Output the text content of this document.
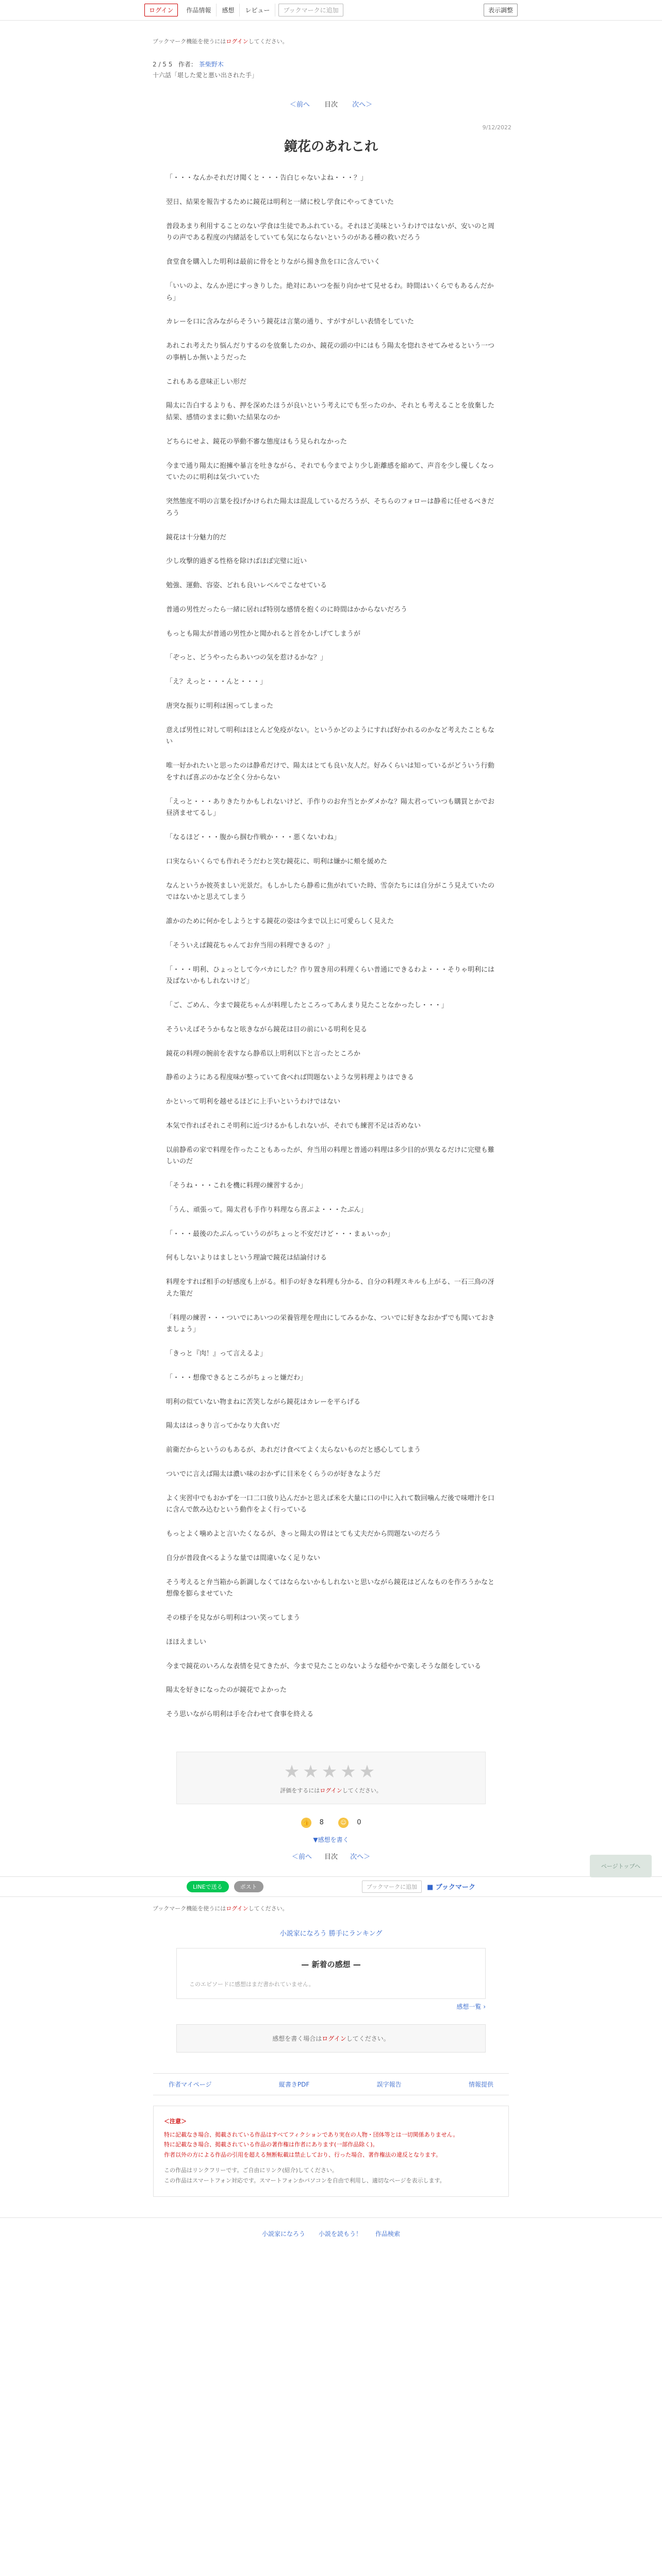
ログイン	作品情報	感想	レビュー	ブックマークに追加	表示調整
ブックマーク機能を使うにはログインしてください。
2 / 5 5 作者： 茶柴野木
十六話「堪した愛と悪い出された手」
＜前へ 目次 次へ＞
9/12/2022
鏡花のあれこれ

「・・・なんかそれだけ聞くと・・・告白じゃないよね・・・？」

翌日、結果を報告するために鏡花は明利と一緒に校し学食にやってきていた

普段あまり利用することのない学食は生徒であふれている。それほど美味というわけではないが、安いのと周りの声である程度の内緒話をしていても気にならないというのがある種の救いだろう

食堂食を購入した明利は最前に骨をとりながら揚き魚を口に含んでいく

「いいのよ、なんか逆にすっきりした。絶対にあいつを振り向かせて見せるわ。時間はいくらでもあるんだから」

カレーを口に含みながらそういう鏡花は言葉の通り、すがすがしい表情をしていた

あれこれ考えたり悩んだりするのを放棄したのか、鏡花の頭の中にはもう陽太を惚れさせてみせるという一つの事柄しか無いようだった

これもある意味正しい形だ

陽太に告白するよりも、押を深めたほうが良いという考えにでも至ったのか、それとも考えることを放棄した結果、感情のままに動いた結果なのか

どちらにせよ、鏡花の挙動不審な態度はもう見られなかった

今まで通り陽太に抱擁や暴言を吐きながら、それでも今までより少し距離感を縮めて、声音を少し優しくなっていたのに明利は気づいていた

突然態度不明の言葉を投げかけられた陽太は混乱しているだろうが、そちらのフォローは静希に任せるべきだろう

鏡花は十分魅力的だ

少し攻撃的過ぎる性格を除けばほぼ完璧に近い

勉強、運動、容姿、どれも良いレベルでこなせている

普通の男性だったら一緒に居れば特別な感情を抱くのに時間はかからないだろう

もっとも陽太が普通の男性かと聞かれると首をかしげてしまうが

「ぞっと、どうやったらあいつの気を惹けるかな？」

「え？えっと・・・んと・・・」

唐突な振りに明利は困ってしまった

意えば男性に対して明利はほとんど免疫がない。というかどのようにすれば好かれるのかなど考えたこともない

唯一好かれたいと思ったのは静希だけで、陽太はとても良い友人だ。好みくらいは知っているがどういう行動をすれば喜ぶのかなど全く分からない

「えっと・・・ありきたりかもしれないけど、手作りのお弁当とかダメかな？陽太君っていつも購買とかでお昼済ませてるし」

「なるほど・・・腹から掴む作戦か・・・悪くないわね」

口実ならいくらでも作れそうだわと笑む鏡花に、明利は嫌かに頬を緩めた

なんというか彼英ましい光景だ。もしかしたら静希に焦がれていた時、雪奈たちには自分がこう見えていたのではないかと思えてしまう

誰かのために何かをしようとする鏡花の姿は今まで以上に可愛らしく見えた

「そういえば鏡花ちゃんてお弁当用の料理できるの？」

「・・・明利、ひょっとして今バカにした？作り置き用の料理くらい普通にできるわよ・・・そりゃ明利には及ばないかもしれないけど」

「ご、ごめん、今まで鏡花ちゃんが料理したところってあんまり見たことなかったし・・・」

そういえばそうかもなと呟きながら鏡花は目の前にいる明利を見る

鏡花の料理の腕前を表すなら静希以上明利以下と言ったところか

静希のようにある程度味が整っていて食べれば問題ないような男料理よりはできる

かといって明利を越せるほどに上手いというわけではない

本気で作ればそれこそ明利に近づけるかもしれないが、それでも練習不足は否めない

以前静希の家で料理を作ったこともあったが、弁当用の料理と普通の料理は多少目的が異なるだけに完璧も難しいのだ

「そうね・・・これを機に料理の練習するか」

「うん、頑張って。陽太君も手作り料理なら喜ぶよ・・・たぶん」

「・・・最後のたぶんっていうのがちょっと不安だけど・・・まぁいっか」

何もしないよりはましという理論で鏡花は結論付ける

料理をすれば相手の好感度も上がる。相手の好きな料理も分かる、自分の料理スキルも上がる、一石三鳥の冴えた策だ

「料理の練習・・・ついでにあいつの栄養管理を理由にしてみるかな、ついでに好きなおかずでも聞いておきましょう」

「きっと『肉！』って言えるよ」

「・・・想像できるところがちょっと嫌だわ」

明利の似ていない物まねに苦笑しながら鏡花はカレーを平らげる

陽太ははっきり言ってかなり大食いだ

前衛だからというのもあるが、あれだけ食べてよく太らないものだと感心してしまう

ついでに言えば陽太は濃い味のおかずに目米をくらうのが好きなようだ

よく実習中でもおかずを一口二口放り込んだかと思えば米を大量に口の中に入れて数回噛んだ後で味噌汁を口に含んで飲み込むという動作をよく行っている

もっとよく噛めよと言いたくなるが、きっと陽太の胃はとても丈夫だから問題ないのだろう

自分が普段食べるような量では間違いなく足りない

そう考えると弁当箱から新調しなくてはならないかもしれないと思いながら鏡花はどんなものを作ろうかなと想像を膨らませていた

その様子を見ながら明利はつい笑ってしまう

ほほえましい

今まで鏡花のいろんな表情を見てきたが、今まで見たことのないような穏やかで楽しそうな顔をしている

陽太を好きになったのが鏡花でよかった

そう思いながら明利は手を合わせて食事を終える

★★★★★
評価をするにはログインしてください。
👍 8	☺ 0
▼感想を書く
＜前へ 目次 次へ＞
LINEで送る	ポスト	ブックマークに追加	■ ブックマーク
ブックマーク機能を使うにはログインしてください。
小説家になろう 勝手にランキング
— 新着の感想 —
このエピソードに感想はまだ書かれていません。
感想一覧 ›
感想を書く場合はログインしてください。
作者マイページ	縦書きPDF	誤字報告	情報提供
＜注意＞
特に記載なき場合、掲載されている作品はすべてフィクションであり実在の人物・団体等とは一切関係ありません。
特に記載なき場合、掲載されている作品の著作権は作者にあります(一部作品除く)。
作者以外の方による作品の引用を超える無断転載は禁止しており、行った場合、著作権法の違反となります。
この作品はリンクフリーです。ご自由にリンク(紹介)してください。
この作品はスマートフォン対応です。スマートフォンかパソコンを自由で利用し、適切なページを表示します。
小説家になろう 小説を読もう！ 作品検索
ページトップへ
